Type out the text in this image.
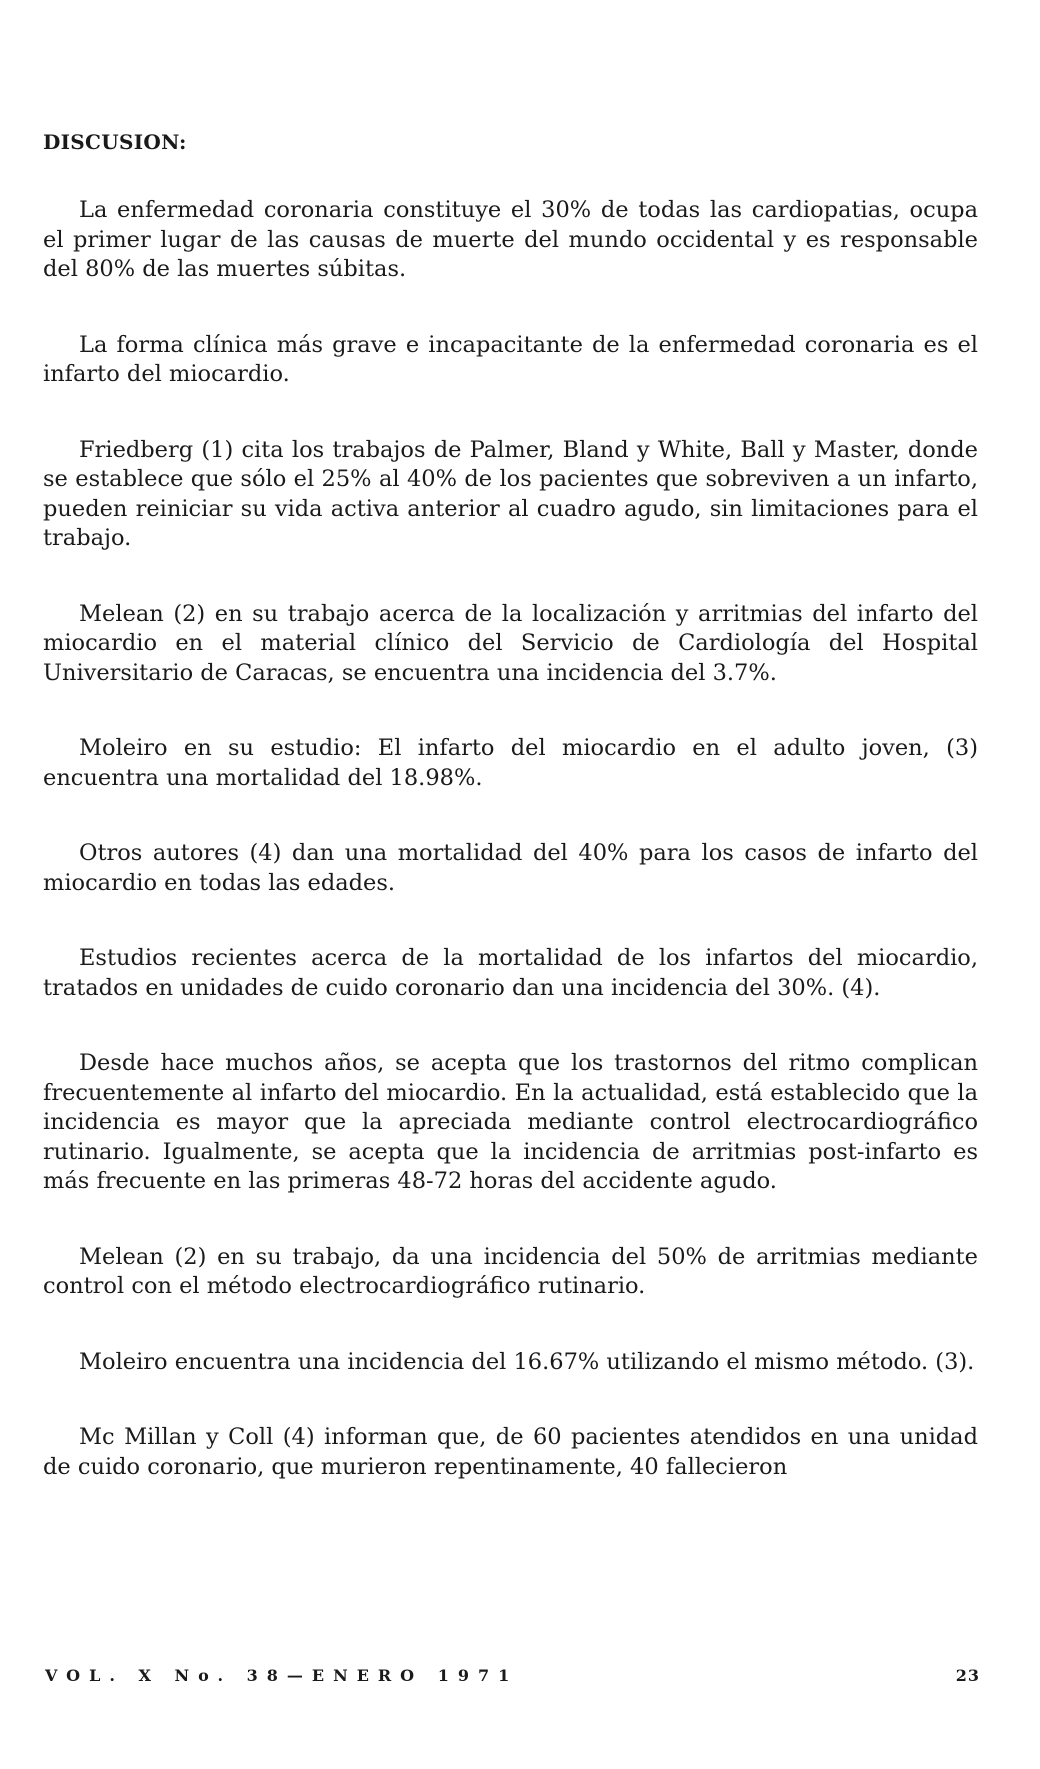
DISCUSION:

La enfermedad coronaria constituye el 30% de todas las cardiopatias, ocupa el primer lugar de las causas de muerte del mundo occidental y es responsable del 80% de las muertes súbitas.

La forma clínica más grave e incapacitante de la enfermedad coronaria es el infarto del miocardio.

Friedberg (1) cita los trabajos de Palmer, Bland y White, Ball y Master, donde se establece que sólo el 25% al 40% de los pacientes que sobreviven a un infarto, pueden reiniciar su vida activa anterior al cuadro agudo, sin limitaciones para el trabajo.

Melean (2) en su trabajo acerca de la localización y arritmias del infarto del miocardio en el material clínico del Servicio de Cardiología del Hospital Universitario de Caracas, se encuentra una incidencia del 3.7%.

Moleiro en su estudio: El infarto del miocardio en el adulto joven, (3) encuentra una mortalidad del 18.98%.

Otros autores (4) dan una mortalidad del 40% para los casos de infarto del miocardio en todas las edades.

Estudios recientes acerca de la mortalidad de los infartos del miocardio, tratados en unidades de cuido coronario dan una incidencia del 30%. (4).

Desde hace muchos años, se acepta que los trastornos del ritmo complican frecuentemente al infarto del miocardio. En la actualidad, está establecido que la incidencia es mayor que la apreciada mediante control electrocardiográfico rutinario. Igualmente, se acepta que la incidencia de arritmias post-infarto es más frecuente en las primeras 48-72 horas del accidente agudo.

Melean (2) en su trabajo, da una incidencia del 50% de arritmias mediante control con el método electrocardiográfico rutinario.

Moleiro encuentra una incidencia del 16.67% utilizando el mismo método. (3).

Mc Millan y Coll (4) informan que, de 60 pacientes atendidos en una unidad de cuido coronario, que murieron repentinamente, 40 fallecieron

VOL. X No. 38—ENERO 1971	23
